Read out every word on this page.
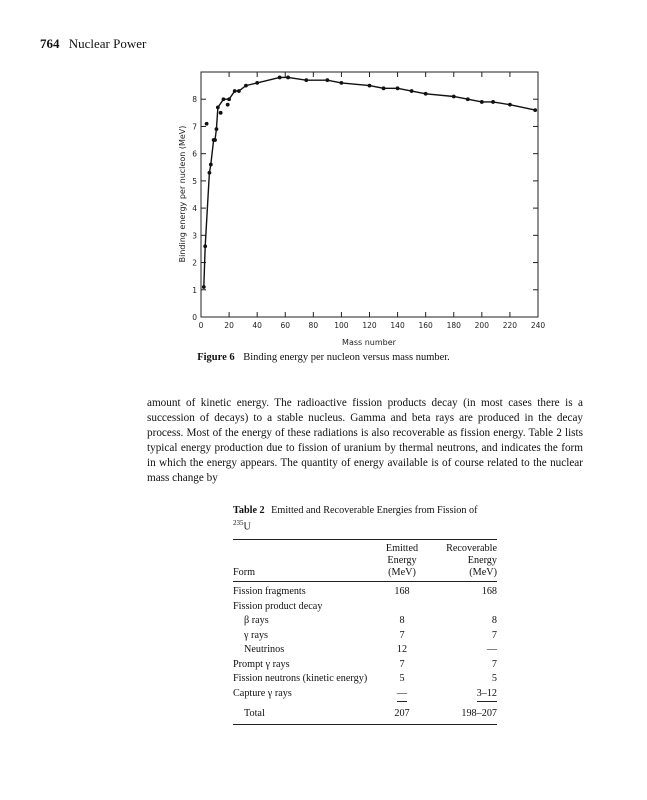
764 Nuclear Power
0	20 40 60 80 100 120 140 160 180 200 220 240
0
1
2
3
4
5
6
7
8
Mass number
Binding energy per nucleon (MeV)
Figure 6 Binding energy per nucleon versus mass number.

amount of kinetic energy. The radioactive fission products decay (in most cases there is a succession of decays) to a stable nucleus. Gamma and beta rays are produced in the decay process. Most of the energy of these radiations is also recoverable as fission energy. Table 2 lists typical energy production due to fission of uranium by thermal neutrons, and indicates the form in which the energy appears. The quantity of energy available is of course related to the nuclear mass change by

Table 2 Emitted and Recoverable Energies from Fission of
$^{235}$U
	Emitted	Recoverable
	Energy	Energy
Form	(MeV)	(MeV)
Fission fragments	168	168
Fission product decay		
β rays	8	8
γ rays	7	7
Neutrinos	12	—
Prompt γ rays	7	7
Fission neutrons (kinetic energy)	5	5
Capture γ rays	—	3–12
Total	207	198–207
